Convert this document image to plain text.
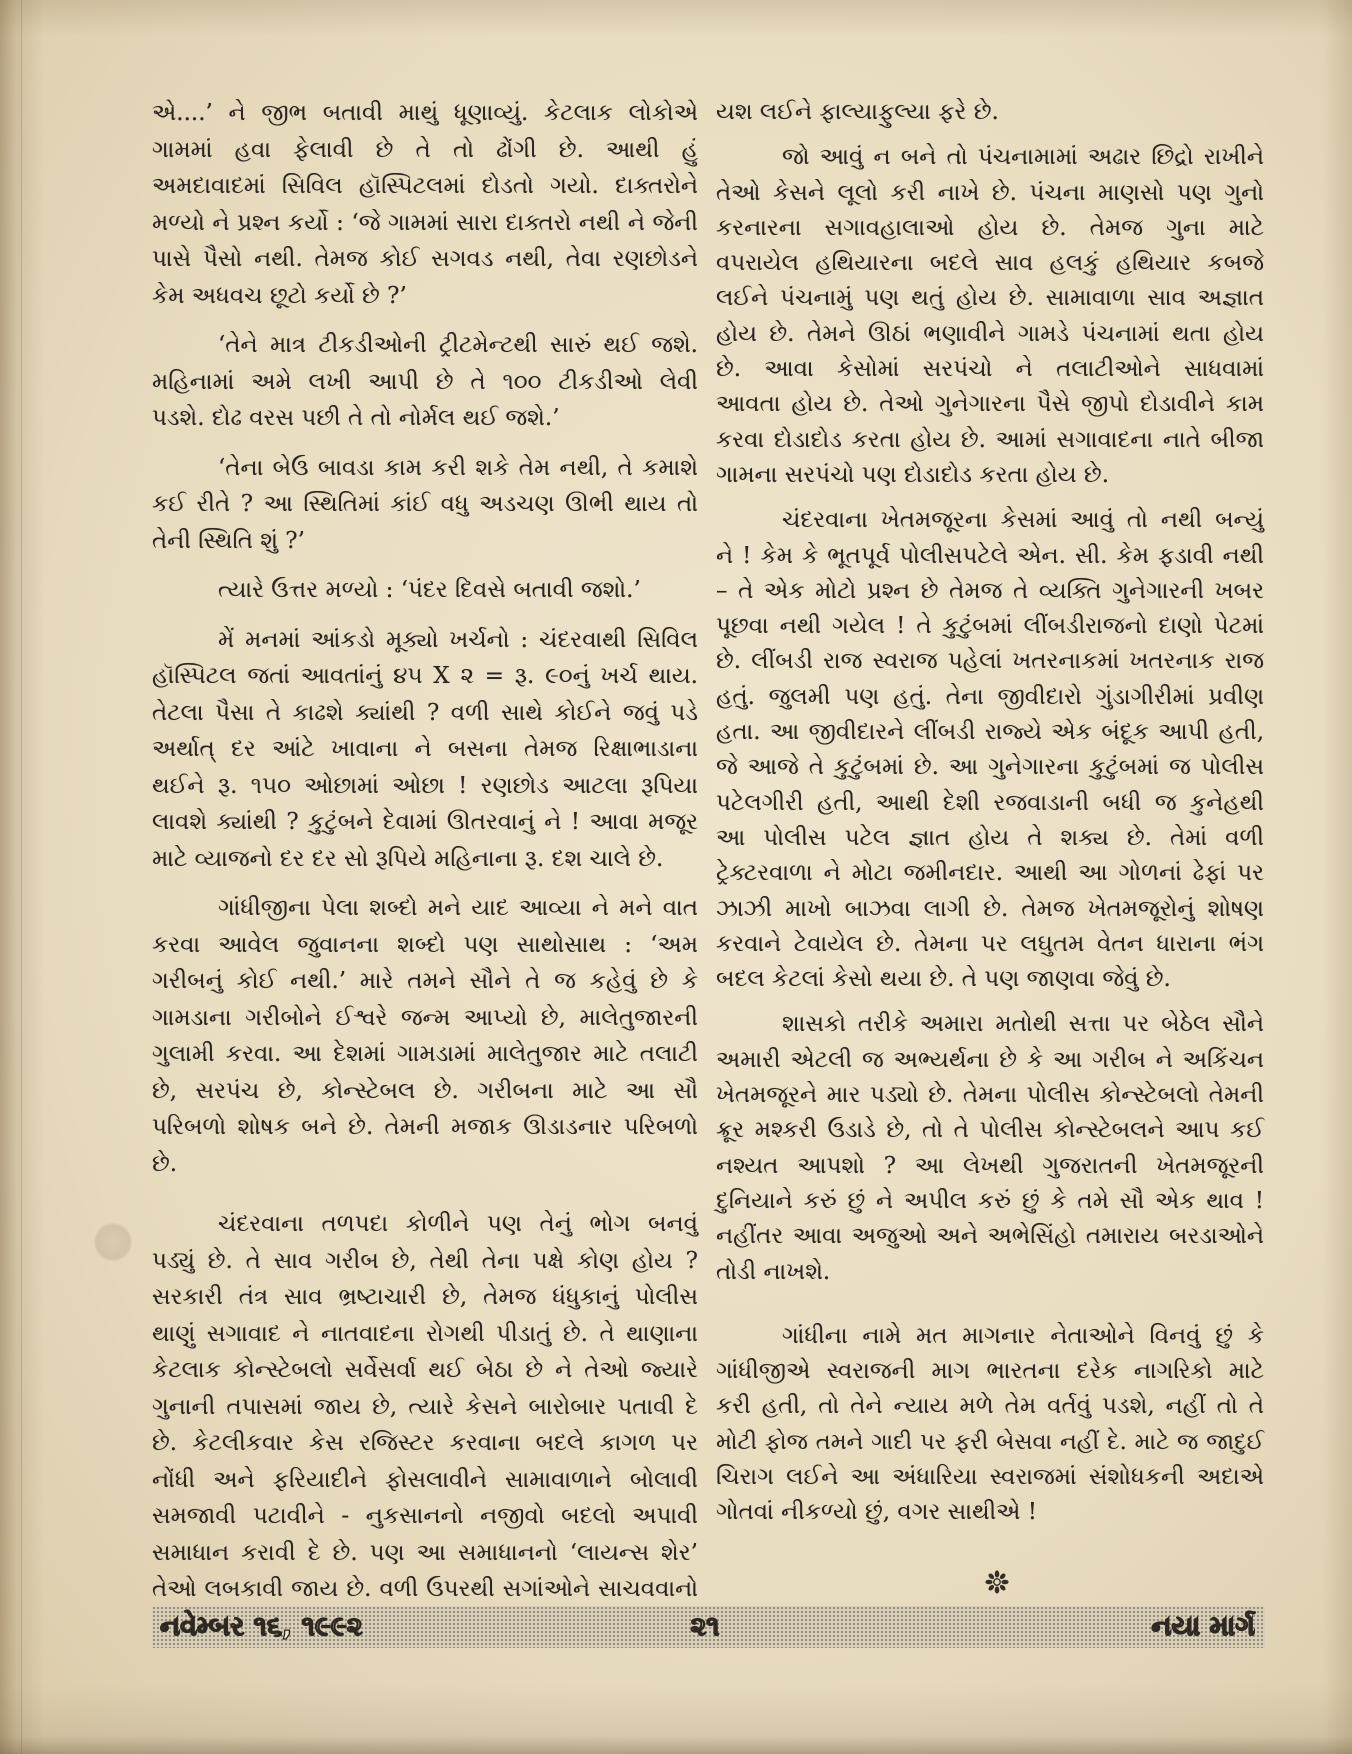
એ....’ ને જીભ બતાવી માથું ધૂણાવ્યું. કેટલાક લોકોએ
ગામમાં હવા ફેલાવી છે તે તો ઢોંગી છે. આથી હું
અમદાવાદમાં સિવિલ હૉસ્પિટલમાં દોડતો ગયો. દાક્તરોને
મળ્યો ને પ્રશ્ન કર્યો : ‘જે ગામમાં સારા દાક્તરો નથી ને જેની
પાસે પૈસો નથી. તેમજ કોઈ સગવડ નથી, તેવા રણછોડને
કેમ અધવચ છૂટો કર્યો છે ?’
‘તેને માત્ર ટીકડીઓની ટ્રીટમેન્ટથી સારું થઈ જશે.
મહિનામાં અમે લખી આપી છે તે ૧૦૦ ટીકડીઓ લેવી
પડશે. દોઢ વરસ પછી તે તો નોર્મલ થઈ જશે.’
‘તેના બેઉ બાવડા કામ કરી શકે તેમ નથી, તે કમાશે
કઈ રીતે ? આ સ્થિતિમાં કાંઈ વધુ અડચણ ઊભી થાય તો
તેની સ્થિતિ શું ?’
ત્યારે ઉત્તર મળ્યો : ‘પંદર દિવસે બતાવી જશો.’
મેં મનમાં આંકડો મૂક્યો ખર્ચનો : ચંદરવાથી સિવિલ
હૉસ્પિટલ જતાં આવતાંનું ૪૫ X ૨ = રૂ. ૯૦નું ખર્ચ થાય.
તેટલા પૈસા તે કાઢશે ક્યાંથી ? વળી સાથે કોઈને જવું પડે
અર્થાત્ દર આંટે ખાવાના ને બસના તેમજ રિક્ષાભાડાના
થઈને રૂ. ૧૫૦ ઓછામાં ઓછા ! રણછોડ આટલા રૂપિયા
લાવશે ક્યાંથી ? કુટુંબને દેવામાં ઊતરવાનું ને ! આવા મજૂર
માટે વ્યાજનો દર દર સો રૂપિયે મહિનાના રૂ. દશ ચાલે છે.
ગાંધીજીના પેલા શબ્દો મને યાદ આવ્યા ને મને વાત
કરવા આવેલ જુવાનના શબ્દો પણ સાથોસાથ : ‘અમ
ગરીબનું કોઈ નથી.’ મારે તમને સૌને તે જ કહેવું છે કે
ગામડાના ગરીબોને ઈશ્વરે જન્મ આપ્યો છે, માલેતુજારની
ગુલામી કરવા. આ દેશમાં ગામડામાં માલેતુજાર માટે તલાટી
છે, સરપંચ છે, કોન્સ્ટેબલ છે. ગરીબના માટે આ સૌ
પરિબળો શોષક બને છે. તેમની મજાક ઊડાડનાર પરિબળો
છે.
ચંદરવાના તળપદા કોળીને પણ તેનું ભોગ બનવું
પડ્યું છે. તે સાવ ગરીબ છે, તેથી તેના પક્ષે કોણ હોય ?
સરકારી તંત્ર સાવ ભ્રષ્ટાચારી છે, તેમજ ધંધુકાનું પોલીસ
થાણું સગાવાદ ને નાતવાદના રોગથી પીડાતું છે. તે થાણાના
કેટલાક કોન્સ્ટેબલો સર્વેસર્વા થઈ બેઠા છે ને તેઓ જ્યારે
ગુનાની તપાસમાં જાય છે, ત્યારે કેસને બારોબાર પતાવી દે
છે. કેટલીકવાર કેસ રજિસ્ટર કરવાના બદલે કાગળ પર
નોંધી અને ફરિયાદીને ફોસલાવીને સામાવાળાને બોલાવી
સમજાવી પટાવીને - નુકસાનનો નજીવો બદલો અપાવી
સમાધાન કરાવી દે છે. પણ આ સમાધાનનો ‘લાયન્સ શેર’
તેઓ લબકાવી જાય છે. વળી ઉપરથી સગાંઓને સાચવવાનો
યશ લઈને ફાલ્યાફુલ્યા ફરે છે.
જો આવું ન બને તો પંચનામામાં અઢાર છિદ્રો રાખીને
તેઓ કેસને લૂલો કરી નાખે છે. પંચના માણસો પણ ગુનો
કરનારના સગાવહાલાઓ હોય છે. તેમજ ગુના માટે
વપરાયેલ હથિયારના બદલે સાવ હલકું હથિયાર કબજે
લઈને પંચનામું પણ થતું હોય છે. સામાવાળા સાવ અજ્ઞાત
હોય છે. તેમને ઊઠાં ભણાવીને ગામડે પંચનામાં થતા હોય
છે. આવા કેસોમાં સરપંચો ને તલાટીઓને સાધવામાં
આવતા હોય છે. તેઓ ગુનેગારના પૈસે જીપો દોડાવીને કામ
કરવા દોડાદોડ કરતા હોય છે. આમાં સગાવાદના નાતે બીજા
ગામના સરપંચો પણ દોડાદોડ કરતા હોય છે.
ચંદરવાના ખેતમજૂરના કેસમાં આવું તો નથી બન્યું
ને ! કેમ કે ભૂતપૂર્વ પોલીસપટેલે એન. સી. કેમ ફડાવી નથી
– તે એક મોટો પ્રશ્ન છે તેમજ તે વ્યક્તિ ગુનેગારની ખબર
પૂછવા નથી ગયેલ ! તે કુટુંબમાં લીંબડીરાજનો દાણો પેટમાં
છે. લીંબડી રાજ સ્વરાજ પહેલાં ખતરનાકમાં ખતરનાક રાજ
હતું. જુલમી પણ હતું. તેના જીવીદારો ગુંડાગીરીમાં પ્રવીણ
હતા. આ જીવીદારને લીંબડી રાજ્યે એક બંદૂક આપી હતી,
જે આજે તે કુટુંબમાં છે. આ ગુનેગારના કુટુંબમાં જ પોલીસ
પટેલગીરી હતી, આથી દેશી રજવાડાની બધી જ કુનેહથી
આ પોલીસ પટેલ જ્ઞાત હોય તે શક્ય છે. તેમાં વળી
ટ્રેક્ટરવાળા ને મોટા જમીનદાર. આથી આ ગોળનાં ઢેફાં પર
ઝાઝી માખો બાઝવા લાગી છે. તેમજ ખેતમજૂરોનું શોષણ
કરવાને ટેવાયેલ છે. તેમના પર લઘુતમ વેતન ધારાના ભંગ
બદલ કેટલાં કેસો થયા છે. તે પણ જાણવા જેવું છે.
શાસકો તરીકે અમારા મતોથી સત્તા પર બેઠેલ સૌને
અમારી એટલી જ અભ્યર્થના છે કે આ ગરીબ ને અકિંચન
ખેતમજૂરને માર પડ્યો છે. તેમના પોલીસ કોન્સ્ટેબલો તેમની
ક્રૂર મશ્કરી ઉડાડે છે, તો તે પોલીસ કોન્સ્ટેબલને આપ કઈ
નશ્યત આપશો ? આ લેખથી ગુજરાતની ખેતમજૂરની
દુનિયાને કરું છું ને અપીલ કરું છું કે તમે સૌ એક થાવ !
નહીંતર આવા અજુઓ અને અભેસિંહો તમારાય બરડાઓને
તોડી નાખશે.
ગાંધીના નામે મત માગનાર નેતાઓને વિનવું છું કે
ગાંધીજીએ સ્વરાજની માગ ભારતના દરેક નાગરિકો માટે
કરી હતી, તો તેને ન્યાય મળે તેમ વર્તવું પડશે, નહીં તો તે
મોટી ફોજ તમને ગાદી પર ફરી બેસવા નહીં દે. માટે જ જાદુઈ
ચિરાગ લઈને આ અંધારિયા સ્વરાજમાં સંશોધકની અદાએ
ગોતવાં નીકળ્યો છું, વગર સાથીએ !
નવેમ્બર ૧૬, ૧૯૯૨	૨૧	નયા માર્ગ
